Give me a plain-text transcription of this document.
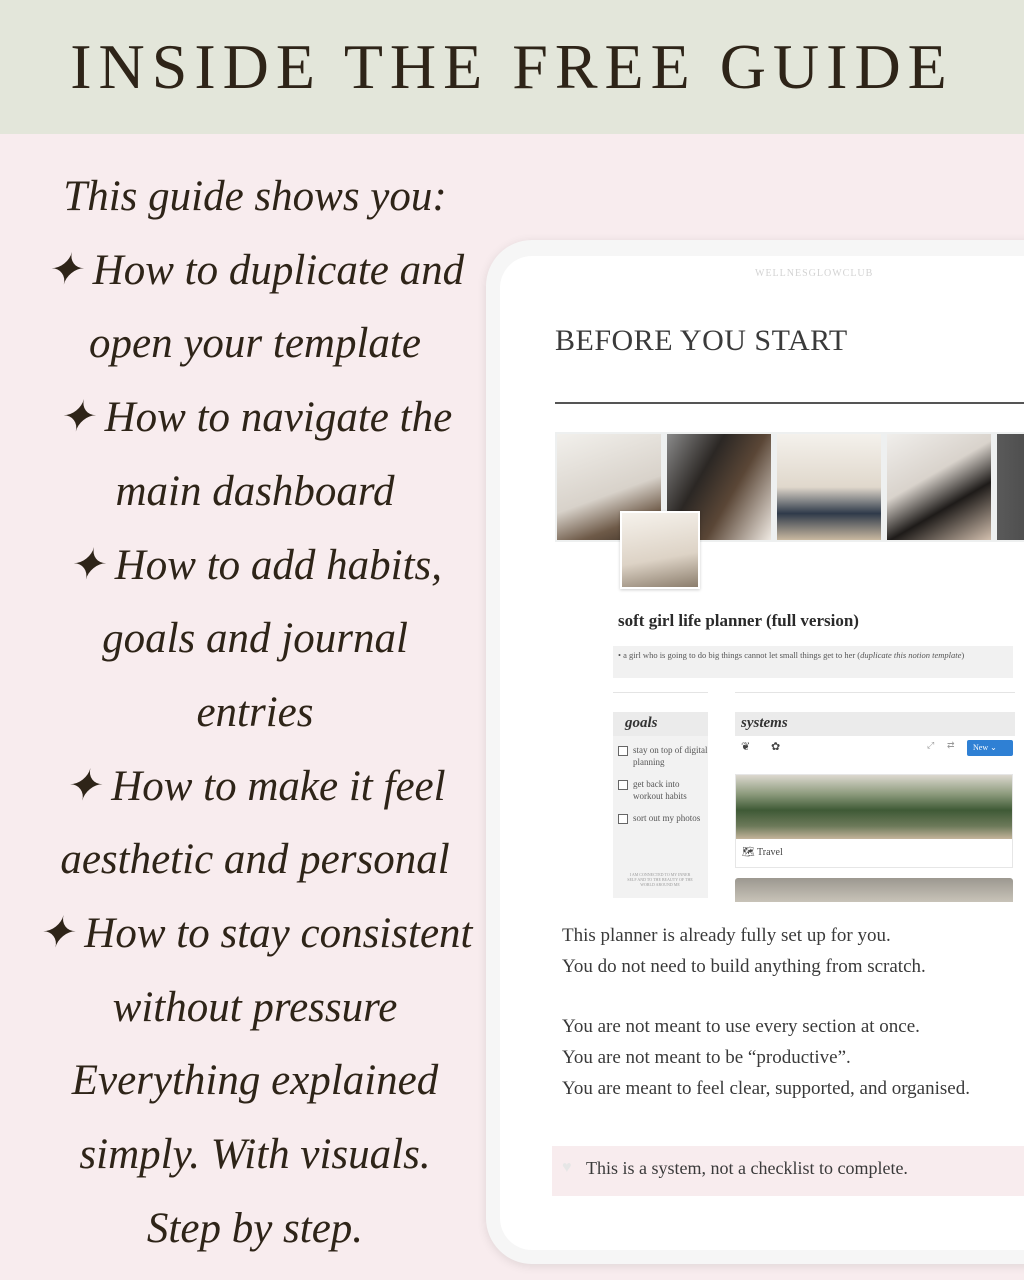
INSIDE THE FREE GUIDE
This guide shows you:
✦ How to duplicate and
open your template
✦ How to navigate the
main dashboard
✦ How to add habits,
goals and journal
entries
✦ How to make it feel
aesthetic and personal
✦ How to stay consistent
without pressure
Everything explained
simply. With visuals.
Step by step.
WELLNESGLOWCLUB
BEFORE YOU START
soft girl life planner (full version)
• a girl who is going to do big things cannot let small things get to her (duplicate this notion template)
goals
stay on top of digital planning
get back into workout habits
sort out my photos
I AM CONNECTED TO MY INNER SELF AND TO THE BEAUTY OF THE WORLD AROUND ME
systems
❦ ✿	⤢ ⇄	New ⌄
🗺 Travel
This planner is already fully set up for you.
You do not need to build anything from scratch.
You are not meant to use every section at once.
You are not meant to be “productive”.
You are meant to feel clear, supported, and organised.
♥ This is a system, not a checklist to complete.
